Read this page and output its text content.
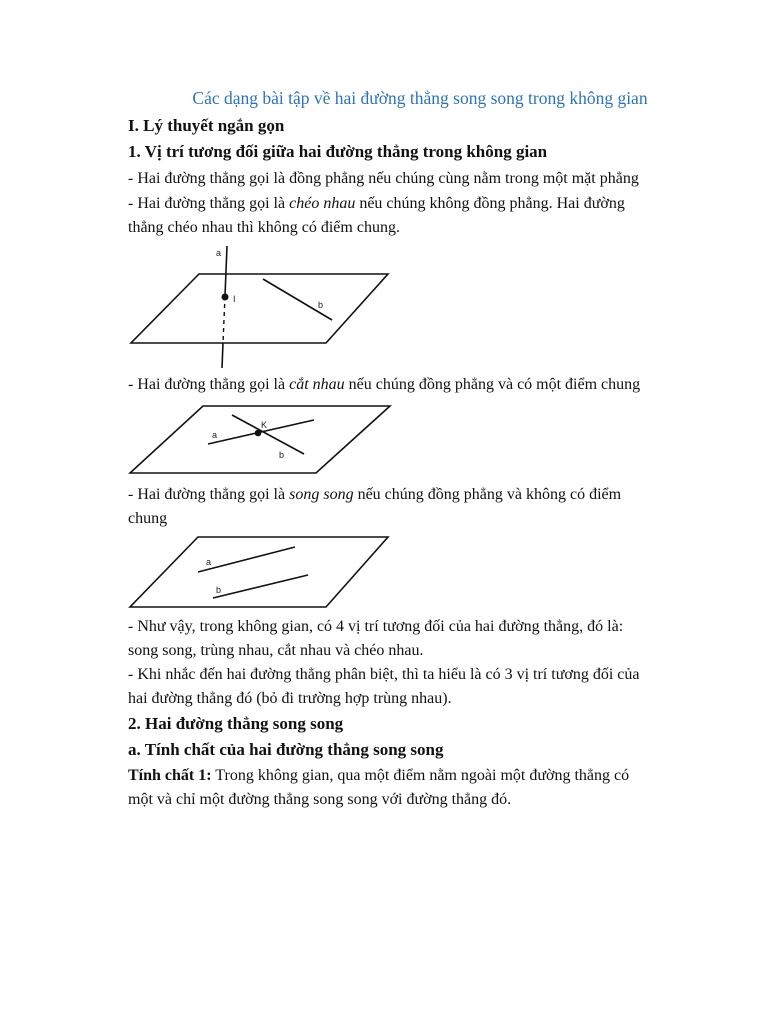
Các dạng bài tập về hai đường thẳng song song trong không gian
I. Lý thuyết ngắn gọn
1. Vị trí tương đối giữa hai đường thẳng trong không gian
- Hai đường thẳng gọi là đồng phẳng nếu chúng cùng nằm trong một mặt phẳng
- Hai đường thẳng gọi là chéo nhau nếu chúng không đồng phẳng. Hai đường
thẳng chéo nhau thì không có điểm chung.
a
I
b
- Hai đường thẳng gọi là cắt nhau nếu chúng đồng phẳng và có một điểm chung
a
K
b
- Hai đường thẳng gọi là song song nếu chúng đồng phẳng và không có điểm
chung
a
b
- Như vậy, trong không gian, có 4 vị trí tương đối của hai đường thẳng, đó là:
song song, trùng nhau, cắt nhau và chéo nhau.
- Khi nhắc đến hai đường thẳng phân biệt, thì ta hiểu là có 3 vị trí tương đối của
hai đường thẳng đó (bỏ đi trường hợp trùng nhau).
2. Hai đường thẳng song song
a. Tính chất của hai đường thẳng song song
Tính chất 1: Trong không gian, qua một điểm nằm ngoài một đường thẳng có
một và chỉ một đường thẳng song song với đường thẳng đó.
